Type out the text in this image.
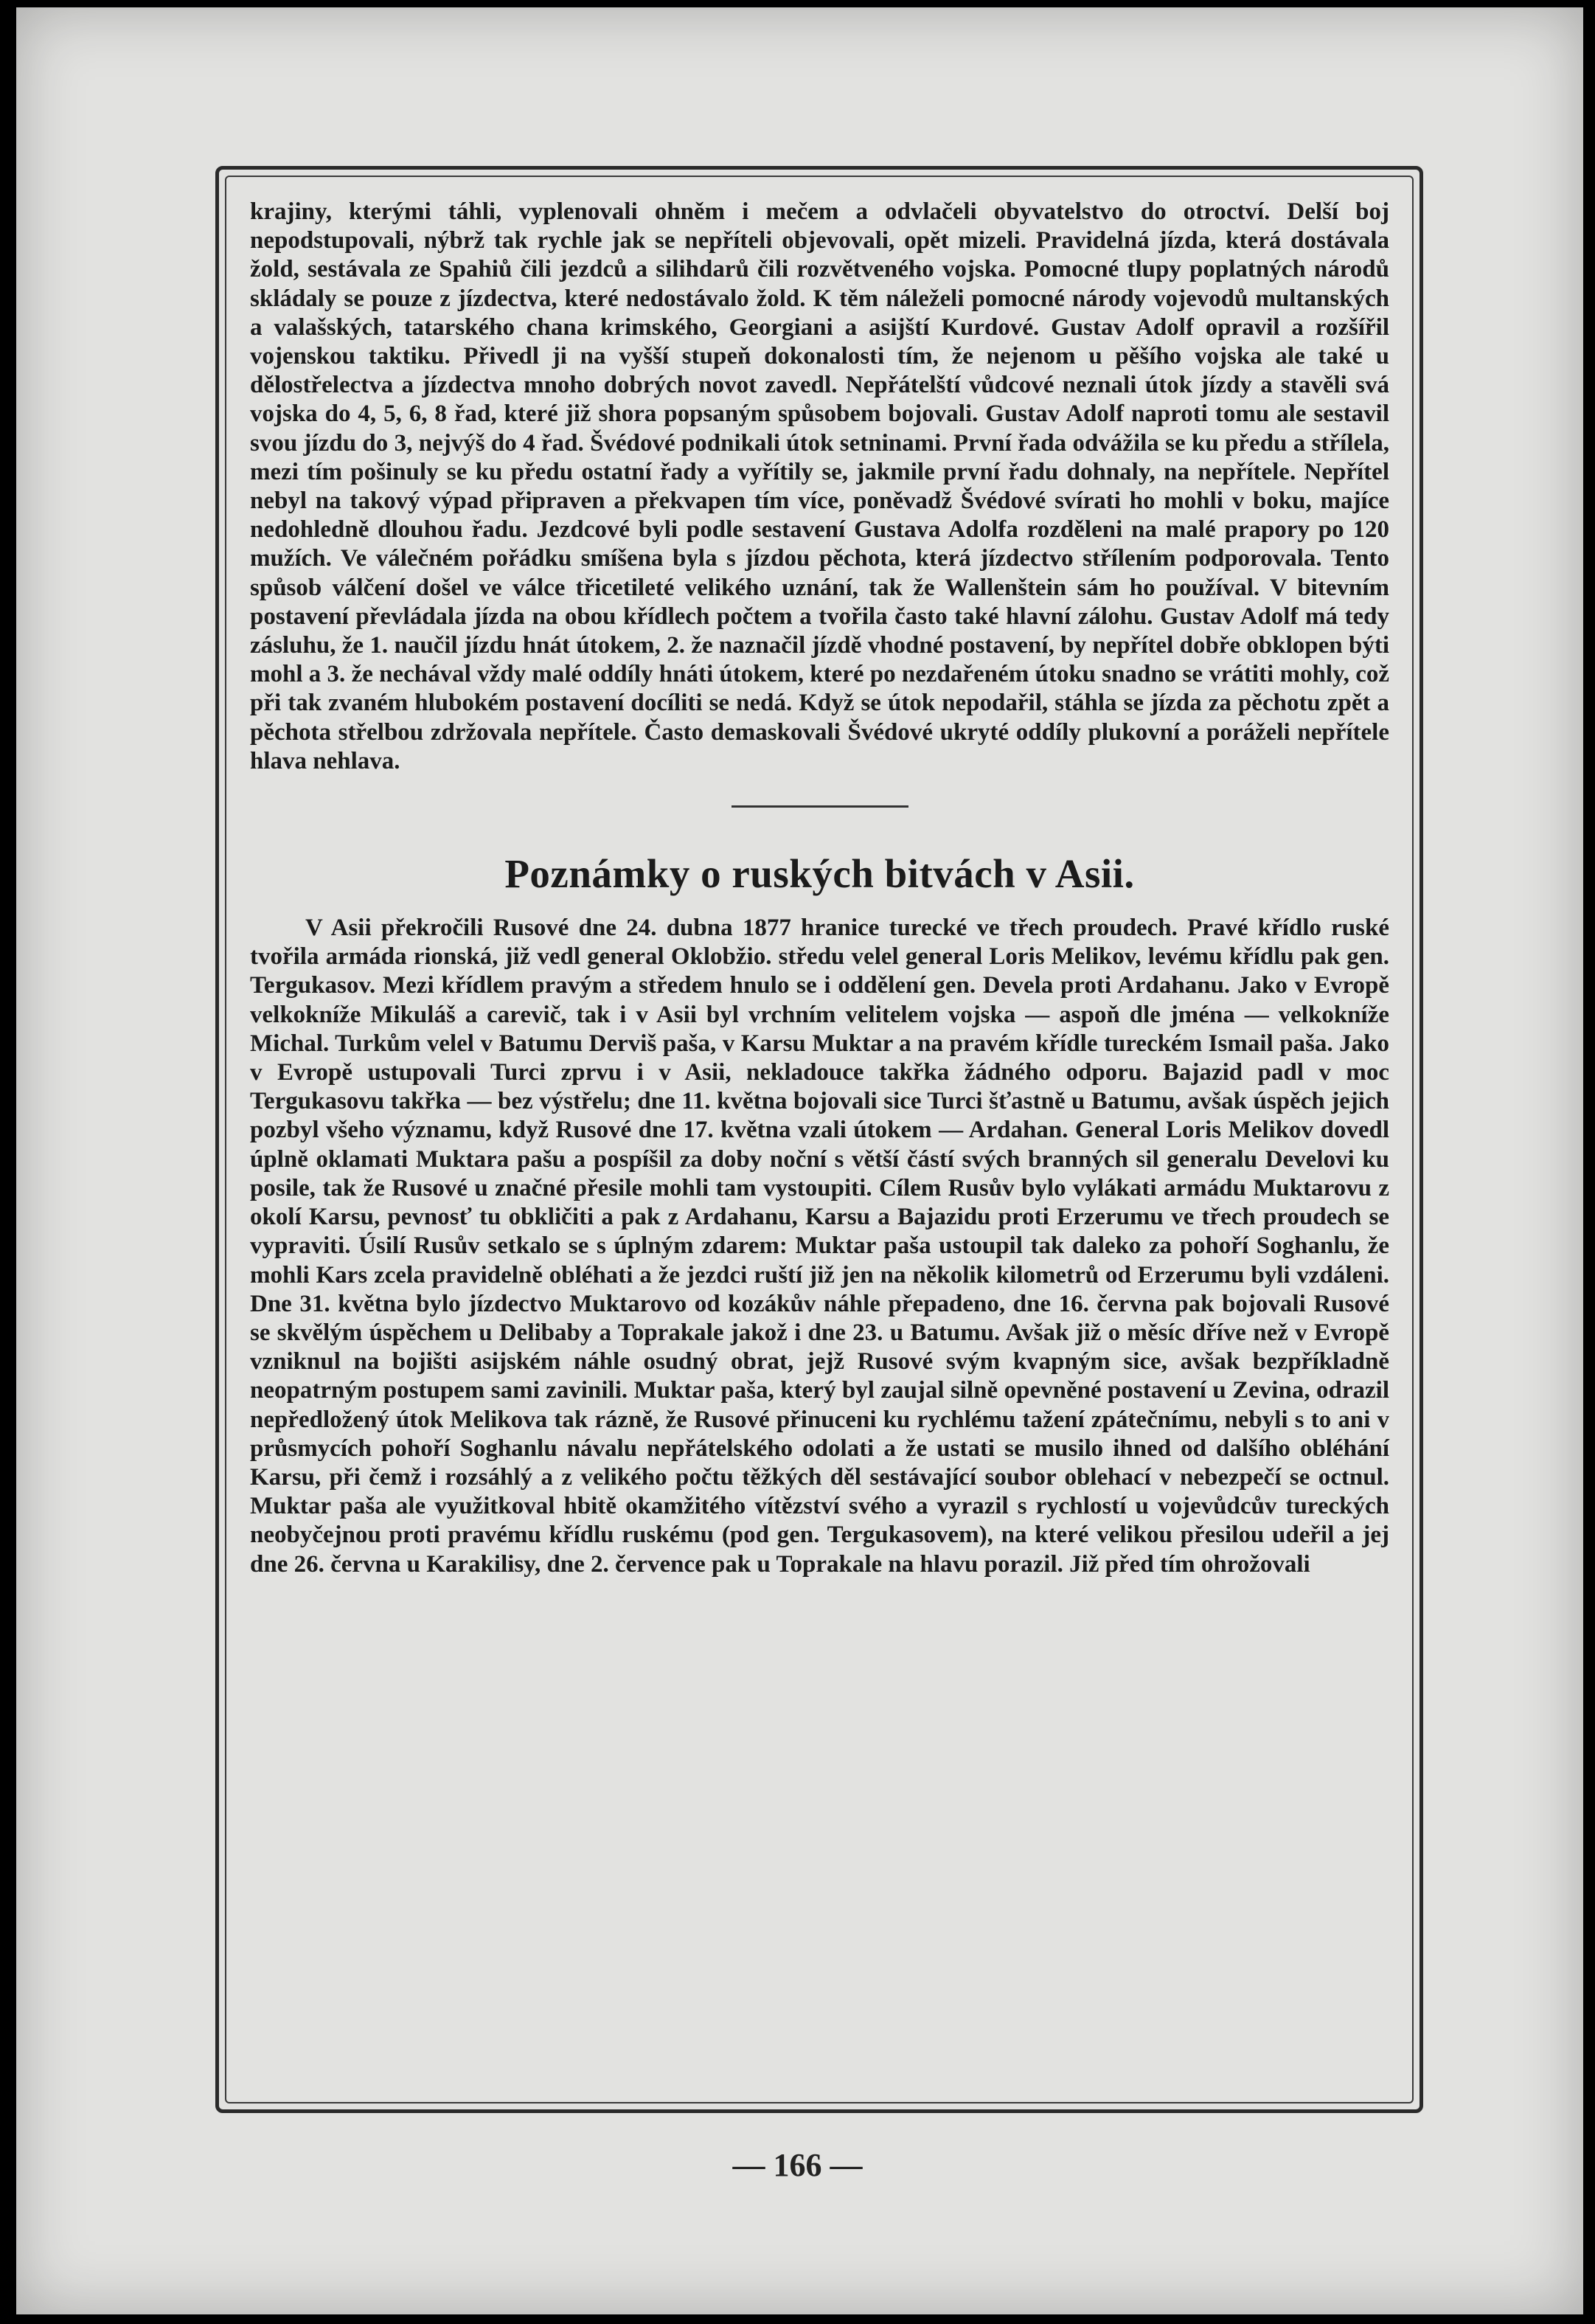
krajiny, kterými táhli, vyplenovali ohněm i mečem a odvlačeli obyvatelstvo do otroctví. Delší boj nepodstupovali, nýbrž tak rychle jak se nepříteli objevovali, opět mizeli. Pravidelná jízda, která dostávala žold, sestávala ze Spahiů čili jezdců a silihdarů čili rozvětveného vojska. Pomocné tlupy poplatných národů skládaly se pouze z jízdectva, které nedostávalo žold. K těm náleželi pomocné národy vojevodů multanských a valašských, tatarského chana krimského, Georgiani a asijští Kurdové. Gustav Adolf opravil a rozšířil vojenskou taktiku. Přivedl ji na vyšší stupeň dokonalosti tím, že nejenom u pěšího vojska ale také u dělostřelectva a jízdectva mnoho dobrých novot zavedl. Nepřátelští vůdcové neznali útok jízdy a stavěli svá vojska do 4, 5, 6, 8 řad, které již shora popsaným spůsobem bojovali. Gustav Adolf naproti tomu ale sestavil svou jízdu do 3, nejvýš do 4 řad. Švédové podnikali útok setninami. První řada odvážila se ku předu a střílela, mezi tím pošinuly se ku předu ostatní řady a vyřítily se, jakmile první řadu dohnaly, na nepřítele. Nepřítel nebyl na takový výpad připraven a překvapen tím více, poněvadž Švédové svírati ho mohli v boku, majíce nedohledně dlouhou řadu. Jezdcové byli podle sestavení Gustava Adolfa rozděleni na malé prapory po 120 mužích. Ve válečném pořádku smíšena byla s jízdou pěchota, která jízdectvo střílením podporovala. Tento spůsob válčení došel ve válce třicetileté velikého uznání, tak že Wallenštein sám ho používal. V bitevním postavení převládala jízda na obou křídlech počtem a tvořila často také hlavní zálohu. Gustav Adolf má tedy zásluhu, že 1. naučil jízdu hnát útokem, 2. že naznačil jízdě vhodné postavení, by nepřítel dobře obklopen býti mohl a 3. že nechával vždy malé oddíly hnáti útokem, které po nezdařeném útoku snadno se vrátiti mohly, což při tak zvaném hlubokém postavení docíliti se nedá. Když se útok nepodařil, stáhla se jízda za pěchotu zpět a pěchota střelbou zdržovala nepřítele. Často demaskovali Švédové ukryté oddíly plukovní a poráželi nepřítele hlava nehlava.

Poznámky o ruských bitvách v Asii.

V Asii překročili Rusové dne 24. dubna 1877 hranice turecké ve třech proudech. Pravé křídlo ruské tvořila armáda rionská, již vedl general Oklobžio. středu velel general Loris Melikov, levému křídlu pak gen. Tergukasov. Mezi křídlem pravým a středem hnulo se i oddělení gen. Devela proti Ardahanu. Jako v Evropě velkokníže Mikuláš a carevič, tak i v Asii byl vrchním velitelem vojska — aspoň dle jména — velkokníže Michal. Turkům velel v Batumu Derviš paša, v Karsu Muktar a na pravém křídle tureckém Ismail paša. Jako v Evropě ustupovali Turci zprvu i v Asii, nekladouce takřka žádného odporu. Bajazid padl v moc Tergukasovu takřka — bez výstřelu; dne 11. května bojovali sice Turci šťastně u Batumu, avšak úspěch jejich pozbyl všeho významu, když Rusové dne 17. května vzali útokem — Ardahan. General Loris Melikov dovedl úplně oklamati Muktara pašu a pospíšil za doby noční s větší částí svých branných sil generalu Develovi ku posile, tak že Rusové u značné přesile mohli tam vystoupiti. Cílem Rusův bylo vylákati armádu Muktarovu z okolí Karsu, pevnosť tu obkličiti a pak z Ardahanu, Karsu a Bajazidu proti Erzerumu ve třech proudech se vypraviti. Úsilí Rusův setkalo se s úplným zdarem: Muktar paša ustoupil tak daleko za pohoří Soghanlu, že mohli Kars zcela pravidelně obléhati a že jezdci ruští již jen na několik kilometrů od Erzerumu byli vzdáleni. Dne 31. května bylo jízdectvo Muktarovo od kozákův náhle přepadeno, dne 16. června pak bojovali Rusové se skvělým úspěchem u Delibaby a Toprakale jakož i dne 23. u Batumu. Avšak již o měsíc dříve než v Evropě vzniknul na bojišti asijském náhle osudný obrat, jejž Rusové svým kvapným sice, avšak bezpříkladně neopatrným postupem sami zavinili. Muktar paša, který byl zaujal silně opevněné postavení u Zevina, odrazil nepředložený útok Melikova tak rázně, že Rusové přinuceni ku rychlému tažení zpátečnímu, nebyli s to ani v průsmycích pohoří Soghanlu návalu nepřátelského odolati a že ustati se musilo ihned od dalšího obléhání Karsu, při čemž i rozsáhlý a z velikého počtu těžkých děl sestávající soubor oblehací v nebezpečí se octnul. Muktar paša ale využitkoval hbitě okamžitého vítězství svého a vyrazil s rychlostí u vojevůdcův tureckých neobyčejnou proti pravému křídlu ruskému (pod gen. Tergukasovem), na které velikou přesilou udeřil a jej dne 26. června u Karakilisy, dne 2. července pak u Toprakale na hlavu porazil. Již před tím ohrožovali

— 166 —
